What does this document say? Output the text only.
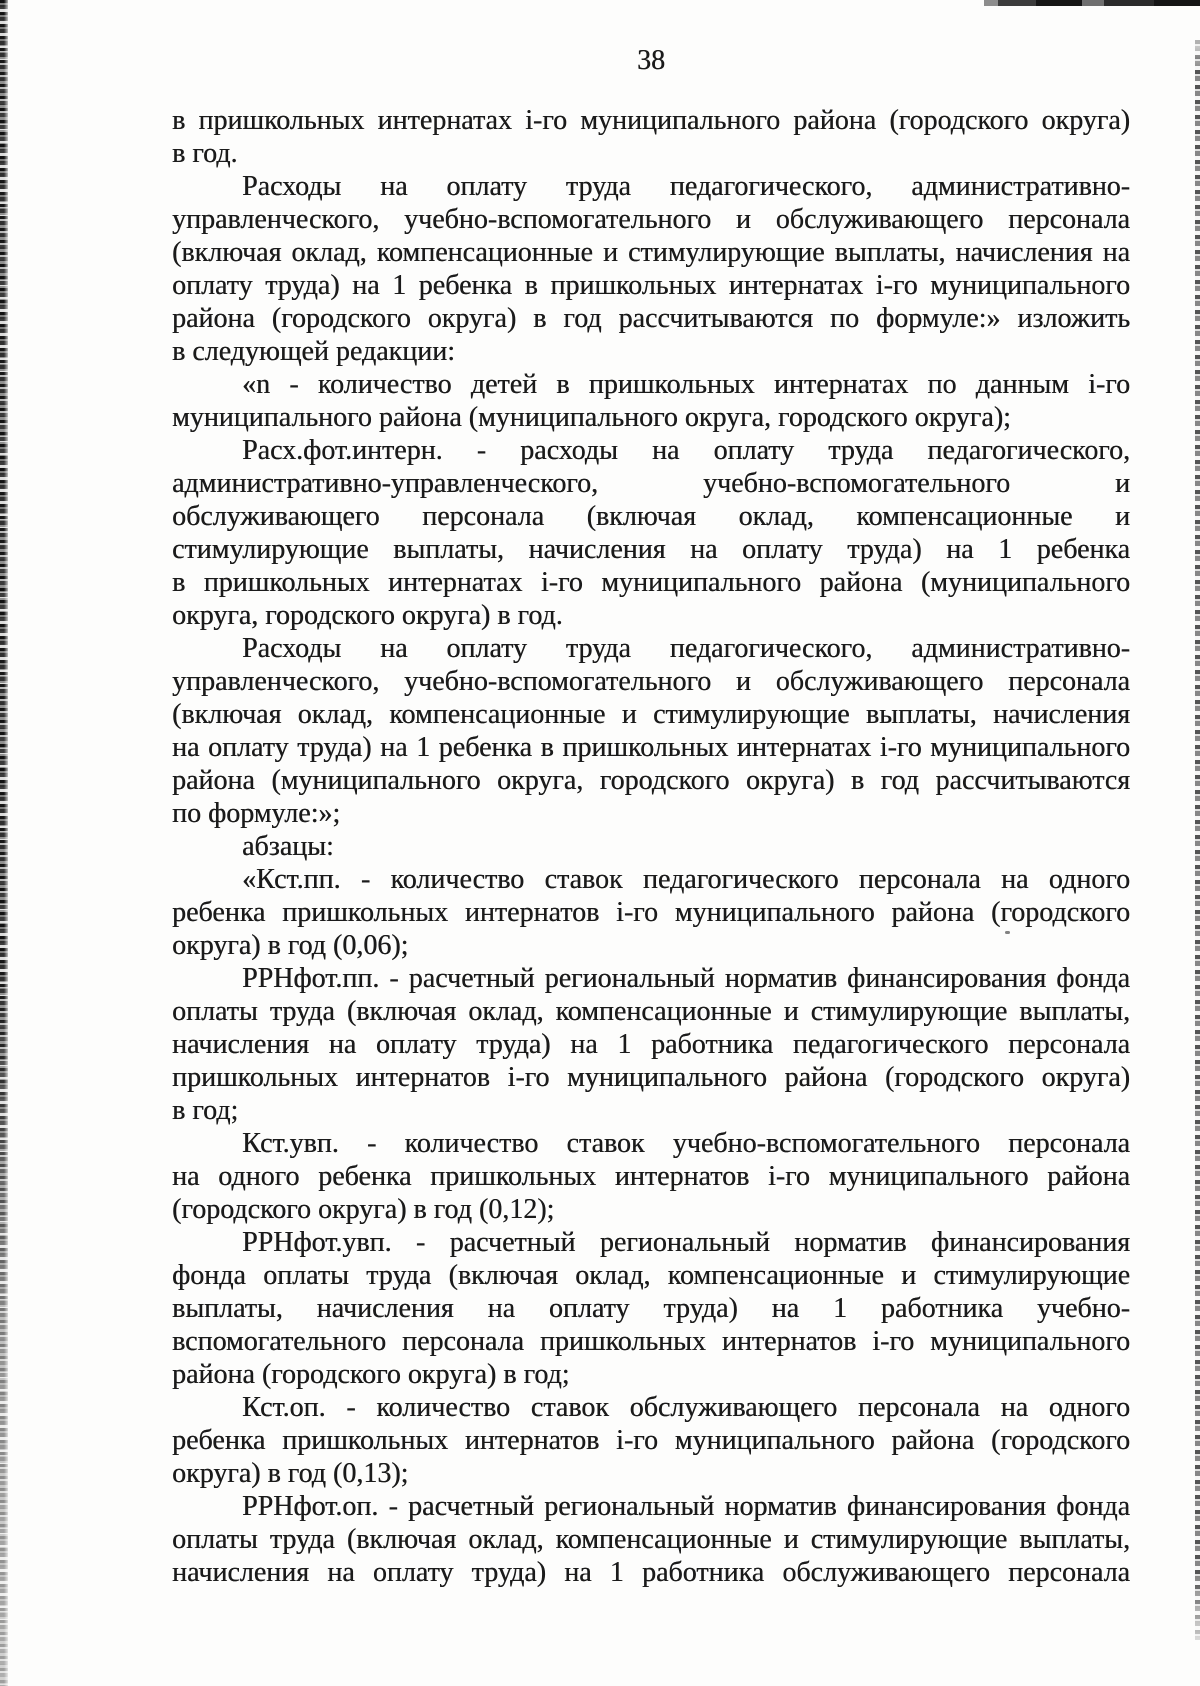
38
в пришкольных интернатах i-го муниципального района (городского округа)
в год.
Расходы на оплату труда педагогического, административно-
управленческого, учебно-вспомогательного и обслуживающего персонала
(включая оклад, компенсационные и стимулирующие выплаты, начисления на
оплату труда) на 1 ребенка в пришкольных интернатах i-го муниципального
района (городского округа) в год рассчитываются по формуле:» изложить
в следующей редакции:
«n - количество детей в пришкольных интернатах по данным i-го
муниципального района (муниципального округа, городского округа);
Расх.фот.интерн. - расходы на оплату труда педагогического,
административно-управленческого, учебно-вспомогательного и
обслуживающего персонала (включая оклад, компенсационные и
стимулирующие выплаты, начисления на оплату труда) на 1 ребенка
в пришкольных интернатах i-го муниципального района (муниципального
округа, городского округа) в год.
Расходы на оплату труда педагогического, административно-
управленческого, учебно-вспомогательного и обслуживающего персонала
(включая оклад, компенсационные и стимулирующие выплаты, начисления
на оплату труда) на 1 ребенка в пришкольных интернатах i-го муниципального
района (муниципального округа, городского округа) в год рассчитываются
по формуле:»;
абзацы:
«Кст.пп. - количество ставок педагогического персонала на одного
ребенка пришкольных интернатов i-го муниципального района (городского
округа) в год (0,06);
РРНфот.пп. - расчетный региональный норматив финансирования фонда
оплаты труда (включая оклад, компенсационные и стимулирующие выплаты,
начисления на оплату труда) на 1 работника педагогического персонала
пришкольных интернатов i-го муниципального района (городского округа)
в год;
Кст.увп. - количество ставок учебно-вспомогательного персонала
на одного ребенка пришкольных интернатов i-го муниципального района
(городского округа) в год (0,12);
РРНфот.увп. - расчетный региональный норматив финансирования
фонда оплаты труда (включая оклад, компенсационные и стимулирующие
выплаты, начисления на оплату труда) на 1 работника учебно-
вспомогательного персонала пришкольных интернатов i-го муниципального
района (городского округа) в год;
Кст.оп. - количество ставок обслуживающего персонала на одного
ребенка пришкольных интернатов i-го муниципального района (городского
округа) в год (0,13);
РРНфот.оп. - расчетный региональный норматив финансирования фонда
оплаты труда (включая оклад, компенсационные и стимулирующие выплаты,
начисления на оплату труда) на 1 работника обслуживающего персонала
